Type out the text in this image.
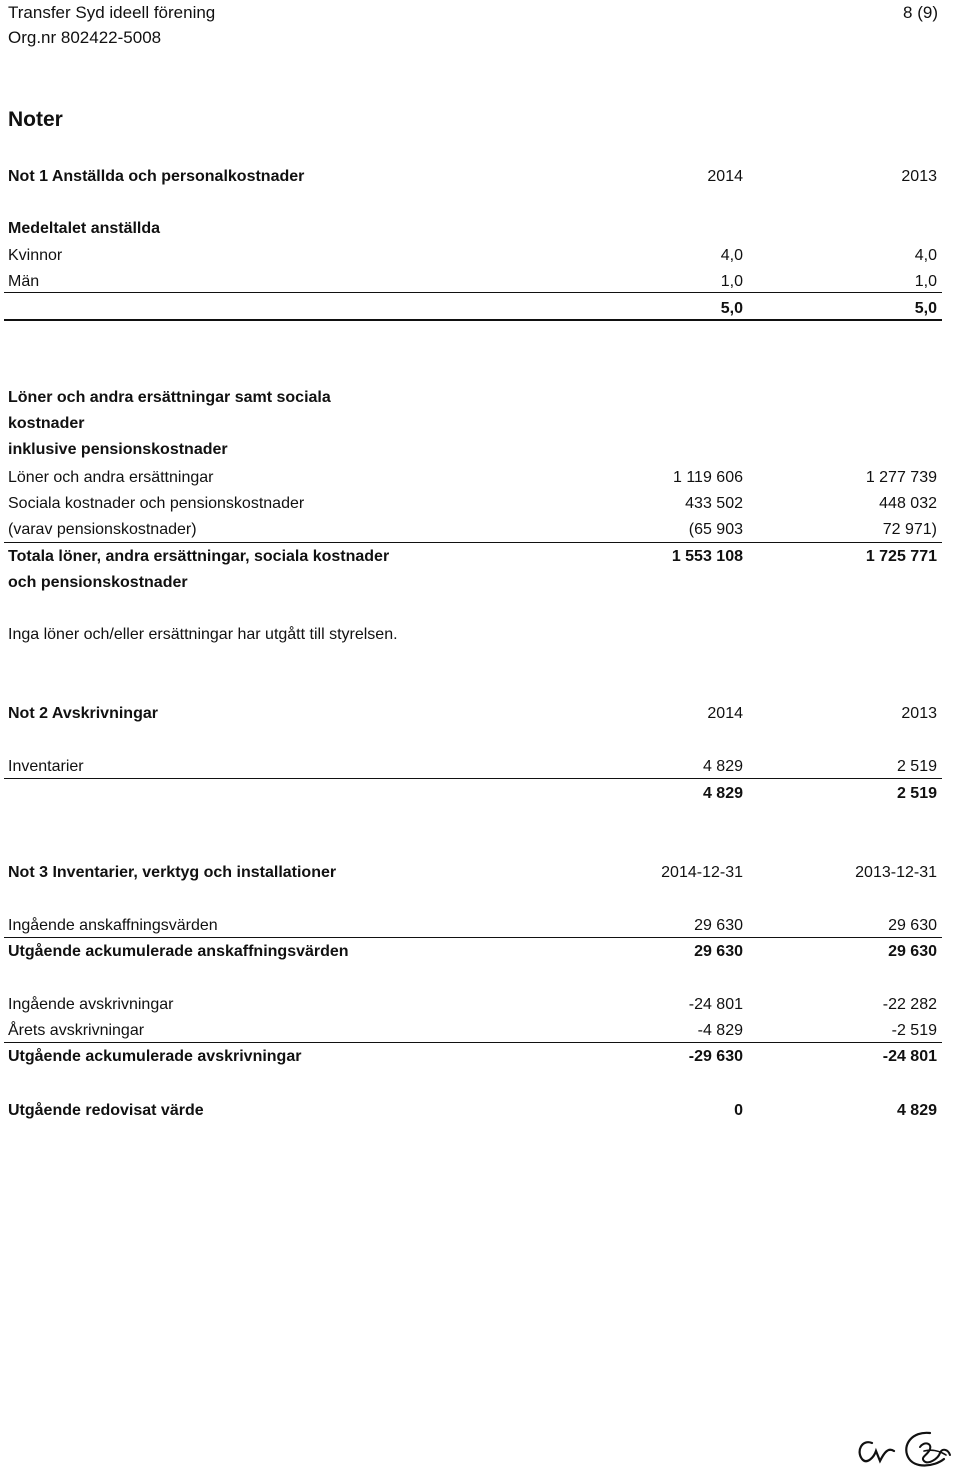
Transfer Syd ideell förening	8 (9)
Org.nr 802422-5008
Noter
Not 1 Anställda och personalkostnader	2014	2013
Medeltalet anställda
Kvinnor	4,0	4,0
Män	1,0	1,0
5,0	5,0
Löner och andra ersättningar samt sociala
kostnader
inklusive pensionskostnader
Löner och andra ersättningar	1 119 606	1 277 739
Sociala kostnader och pensionskostnader	433 502	448 032
(varav pensionskostnader)	(65 903	72 971)
Totala löner, andra ersättningar, sociala kostnader	1 553 108	1 725 771
och pensionskostnader
Inga löner och/eller ersättningar har utgått till styrelsen.
Not 2 Avskrivningar	2014	2013
Inventarier	4 829	2 519
4 829	2 519
Not 3 Inventarier, verktyg och installationer	2014-12-31	2013-12-31
Ingående anskaffningsvärden	29 630	29 630
Utgående ackumulerade anskaffningsvärden	29 630	29 630
Ingående avskrivningar	-24 801	-22 282
Årets avskrivningar	-4 829	-2 519
Utgående ackumulerade avskrivningar	-29 630	-24 801
Utgående redovisat värde	0	4 829
